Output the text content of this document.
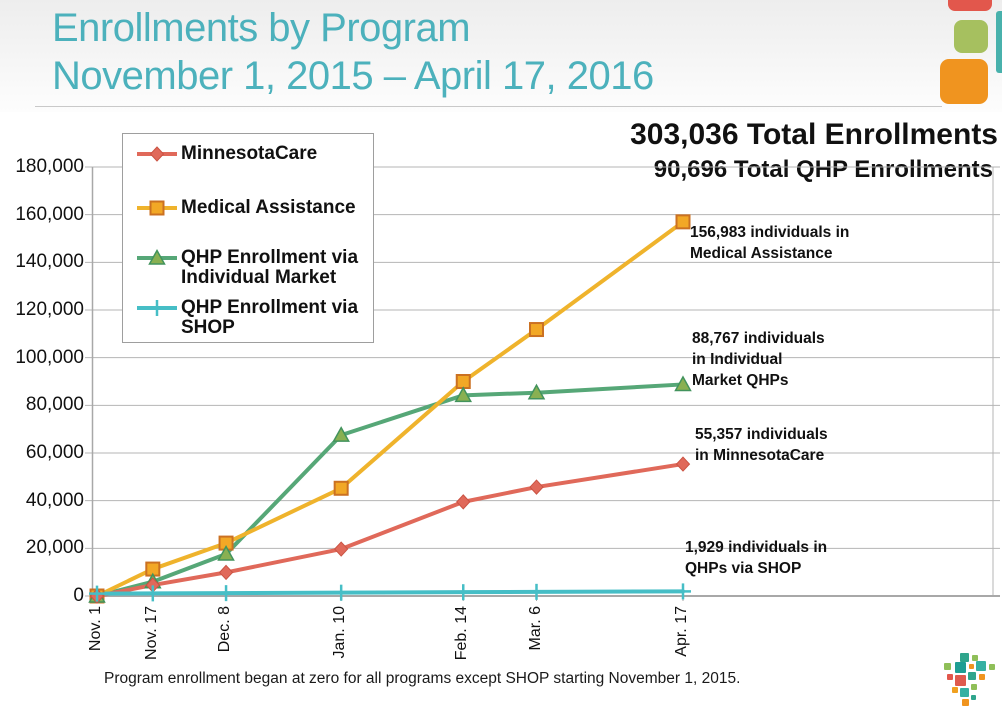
Enrollments by Program
November 1, 2015 – April 17, 2016
303,036 Total Enrollments
90,696 Total QHP Enrollments
0
20,000
40,000
60,000
80,000
100,000
120,000
140,000
160,000
180,000
Nov. 1 Nov. 17	Dec. 8	Jan. 10	Feb. 14	Mar. 6	Apr. 17
MinnesotaCare
Medical Assistance
QHP Enrollment via Individual Market
QHP Enrollment via SHOP
156,983 individuals in
Medical Assistance
88,767 individuals
in Individual
Market QHPs
55,357 individuals
in MinnesotaCare
1,929 individuals in
QHPs via SHOP
Program enrollment began at zero for all programs except SHOP starting November 1, 2015.
